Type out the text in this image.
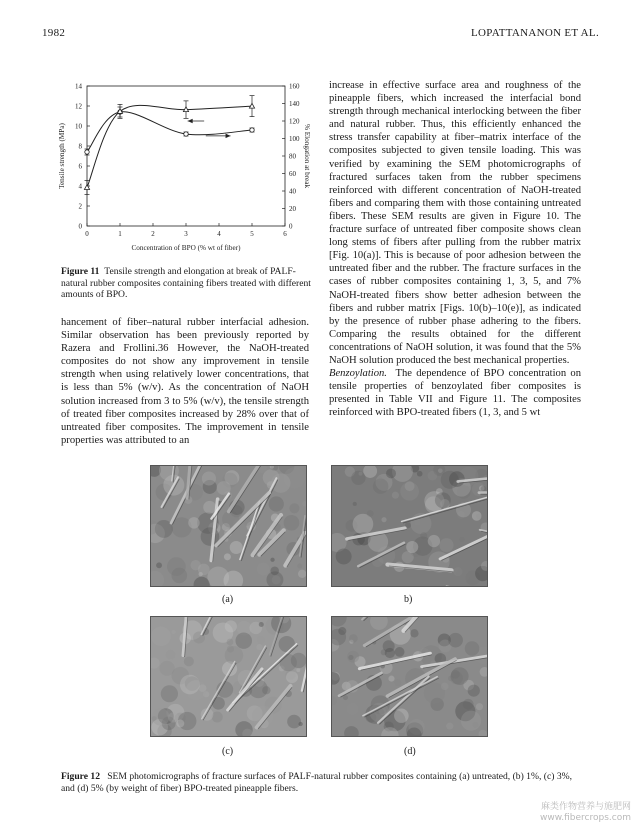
1982	LOPATTANANON ET AL.
0	1	2	3	4	5	6
0
2
4
6
8
10
12
14
0
20
40
60
80
100
120
140
160
Concentration of BPO (% wt of fiber)
Tensile strength (MPa)	% Elongation at break
Figure 11 Tensile strength and elongation at break of PALF-natural rubber composites containing fibers treated with different amounts of BPO.
hancement of fiber–natural rubber interfacial adhesion. Similar observation has been previously reported by Razera and Frollini.36 However, the NaOH-treated composites do not show any improvement in tensile strength when using relatively lower concentrations, that is less than 5% (w/v). As the concentration of NaOH solution increased from 3 to 5% (w/v), the tensile strength of treated fiber composites increased by 28% over that of untreated fiber composites. The improvement in tensile properties was attributed to an
increase in effective surface area and roughness of the pineapple fibers, which increased the interfacial bond strength through mechanical interlocking between the fiber and natural rubber. Thus, this efficiently enhanced the stress transfer capability at fiber–matrix interface of the composites subjected to given tensile loading. This was verified by examining the SEM photomicrographs of fractured surfaces taken from the rubber specimens reinforced with different concentration of NaOH-treated fibers and comparing them with those containing untreated fibers. These SEM results are given in Figure 10. The fracture surface of untreated fiber composite shows clean long stems of fibers after pulling from the rubber matrix [Fig. 10(a)]. This is because of poor adhesion between the untreated fiber and the rubber. The fracture surfaces in the cases of rubber composites containing 1, 3, 5, and 7% NaOH-treated fibers show better adhesion between the fibers and rubber matrix [Figs. 10(b)–10(e)], as indicated by the presence of rubber phase adhering to the fibers. Comparing the results obtained for the different concentrations of NaOH solution, it was found that the 5% NaOH solution produced the best mechanical properties.
Benzoylation. The dependence of BPO concentration on tensile properties of benzoylated fiber composites is presented in Table VII and Figure 11. The composites reinforced with BPO-treated fibers (1, 3, and 5 wt
(a)	b)
(c)	(d)
Figure 12 SEM photomicrographs of fracture surfaces of PALF-natural rubber composites containing (a) untreated, (b) 1%, (c) 3%, and (d) 5% (by weight of fiber) BPO-treated pineapple fibers.
麻类作物营养与施肥网
www.fibercrops.com
